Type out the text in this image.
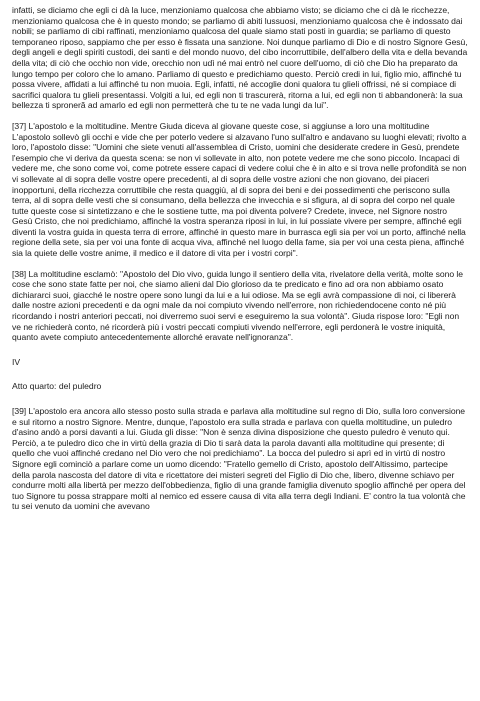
infatti, se diciamo che egli ci dà la luce, menzioniamo qualcosa che abbiamo visto; se diciamo che ci dà le ricchezze, menzioniamo qualcosa che è in questo mondo; se parliamo di abiti lussuosi, menzioniamo qualcosa che è indossato dai nobili; se parliamo di cibi raffinati, menzioniamo qualcosa del quale siamo stati posti in guardia; se parliamo di questo temporaneo riposo, sappiamo che per esso è fissata una sanzione. Noi dunque parliamo di Dio e di nostro Signore Gesù, degli angeli e degli spiriti custodi, dei santi e del mondo nuovo, del cibo incorruttibile, dell'albero della vita e della bevanda della vita; di ciò che occhio non vide, orecchio non udì né mai entrò nel cuore dell'uomo, di ciò che Dio ha preparato da lungo tempo per coloro che lo amano. Parliamo di questo e predichiamo questo. Perciò credi in lui, figlio mio, affinché tu possa vivere, affidati a lui affinché tu non muoia. Egli, infatti, né accoglie doni qualora tu glieli offrissi, né si compiace di sacrifici qualora tu glieli presentassi. Volgiti a lui, ed egli non ti trascurerà, ritorna a lui, ed egli non ti abbandonerà: la sua bellezza ti sproneră ad amarlo ed egli non permetterà che tu te ne vada lungi da lui".

[37] L'apostolo e la moltitudine. Mentre Giuda diceva al giovane queste cose, si aggiunse a loro una moltitudine L'apostolo sollevò gli occhi e vide che per poterlo vedere si alzavano l'uno sull'altro e andavano su luoghi elevati; rivolto a loro, l'apostolo disse: "Uomini che siete venuti all'assemblea di Cristo, uomini che desiderate credere in Gesù, prendete l'esempio che vi deriva da questa scena: se non vi sollevate in alto, non potete vedere me che sono piccolo. Incapaci di vedere me, che sono come voi, come potrete essere capaci di vedere colui che è in alto e si trova nelle profondità se non vi sollevate al di sopra delle vostre opere precedenti, al di sopra delle vostre azioni che non giovano, dei piaceri inopportuni, della ricchezza corruttibile che resta quaggiù, al di sopra dei beni e dei possedimenti che periscono sulla terra, al di sopra delle vesti che si consumano, della bellezza che invecchia e si sfigura, al di sopra del corpo nel quale tutte queste cose si sintetizzano e che le sostiene tutte, ma poi diventa polvere? Credete, invece, nel Signore nostro Gesù Cristo, che noi predichiamo, affinché la vostra speranza riposi in lui, in lui possiate vivere per sempre, affinché egli diventi la vostra guida in questa terra di errore, affinché in questo mare in burrasca egli sia per voi un porto, affinché nella regione della sete, sia per voi una fonte di acqua viva, affinché nel luogo della fame, sia per voi una cesta piena, affinché sia la quiete delle vostre anime, il medico e il datore di vita per i vostri corpi".

[38] La moltitudine esclamò: "Apostolo del Dio vivo, guida lungo il sentiero della vita, rivelatore della verità, molte sono le cose che sono state fatte per noi, che siamo alieni dal Dio glorioso da te predicato e fino ad ora non abbiamo osato dichiararci suoi, giacché le nostre opere sono lungi da lui e a lui odiose. Ma se egli avrà compassione di noi, ci libererà dalle nostre azioni precedenti e da ogni male da noi compiuto vivendo nell'errore, non richiedendocene conto né più ricordando i nostri anteriori peccati, noi diverremo suoi servi e eseguiremo la sua volontà". Giuda rispose loro: "Egli non ve ne richiederà conto, né ricorderà più i vostri peccati compiuti vivendo nell'errore, egli perdonerà le vostre iniquità, quanto avete compiuto antecedentemente allorché eravate nell'ignoranza".

IV

Atto quarto: del puledro

[39] L'apostolo era ancora allo stesso posto sulla strada e parlava alla moltitudine sul regno di Dio, sulla loro conversione e sul ritorno a nostro Signore. Mentre, dunque, l'apostolo era sulla strada e parlava con quella moltitudine, un puledro d'asino andò a porsi davanti a lui. Giuda gli disse: "Non è senza divina disposizione che questo puledro è venuto qui. Perciò, a te puledro dico che in virtù della grazia di Dio ti sarà data la parola davanti alla moltitudine qui presente; di quello che vuoi affinché credano nel Dio vero che noi predichiamo". La bocca del puledro si aprì ed in virtù di nostro Signore egli cominciò a parlare come un uomo dicendo: "Fratello gemello di Cristo, apostolo dell'Altissimo, partecipe della parola nascosta del datore di vita e ricettatore dei misteri segreti del Figlio di Dio che, libero, divenne schiavo per condurre molti alla libertà per mezzo dell'obbedienza, figlio di una grande famiglia divenuto spoglio affinché per opera del tuo Signore tu possa strappare molti al nemico ed essere causa di vita alla terra degli Indiani. E' contro la tua volontà che tu sei venuto da uomini che avevano
